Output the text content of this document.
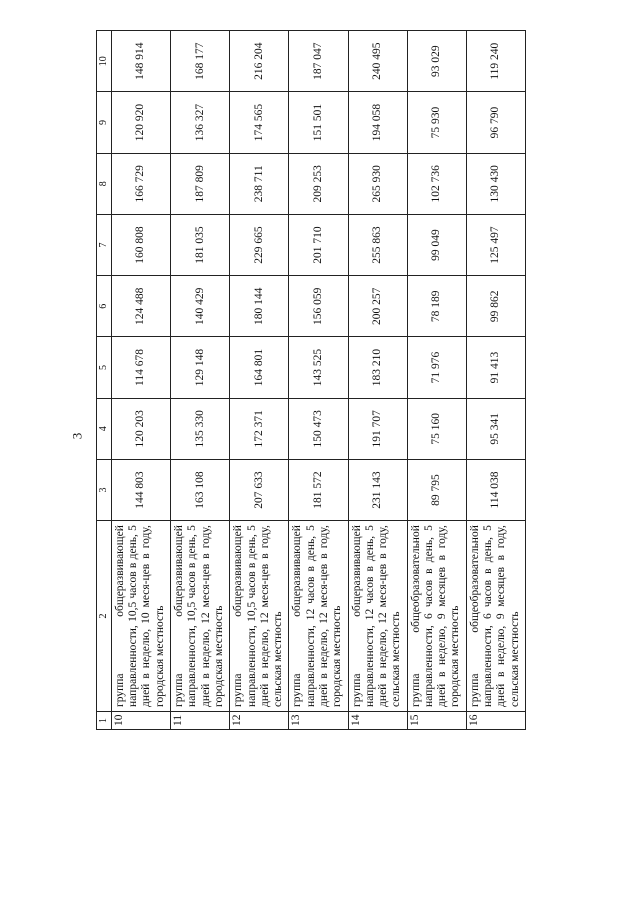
3
1	2	3	4	5	6	7	8	9	10
10	группа общеразвивающей направленности, 10,5 часов в день, 5 дней в неделю, 10 меся-цев в году, городская местность	144 803	120 203	114 678	124 488	160 808	166 729	120 920	148 914
11	группа общеразвивающей направленности, 10,5 часов в день, 5 дней в неделю, 12 меся-цев в году, городская местность	163 108	135 330	129 148	140 429	181 035	187 809	136 327	168 177
12	группа общеразвивающей направленности, 10,5 часов в день, 5 дней в неделю, 12 меся-цев в году, сельская местность	207 633	172 371	164 801	180 144	229 665	238 711	174 565	216 204
13	группа общеразвивающей направленности, 12 часов в день, 5 дней в неделю, 12 меся-цев в году, городская местность	181 572	150 473	143 525	156 059	201 710	209 253	151 501	187 047
14	группа общеразвивающей направленности, 12 часов в день, 5 дней в неделю, 12 меся-цев в году, сельская местность	231 143	191 707	183 210	200 257	255 863	265 930	194 058	240 495
15	группа общеобразовательной направленности, 6 часов в день, 5 дней в неделю, 9 месяцев в году, городская местность	89 795	75 160	71 976	78 189	99 049	102 736	75 930	93 029
16	группа общеобразовательной направленности, 6 часов в день, 5 дней в неделю, 9 месяцев в году, сельская местность	114 038	95 341	91 413	99 862	125 497	130 430	96 790	119 240
